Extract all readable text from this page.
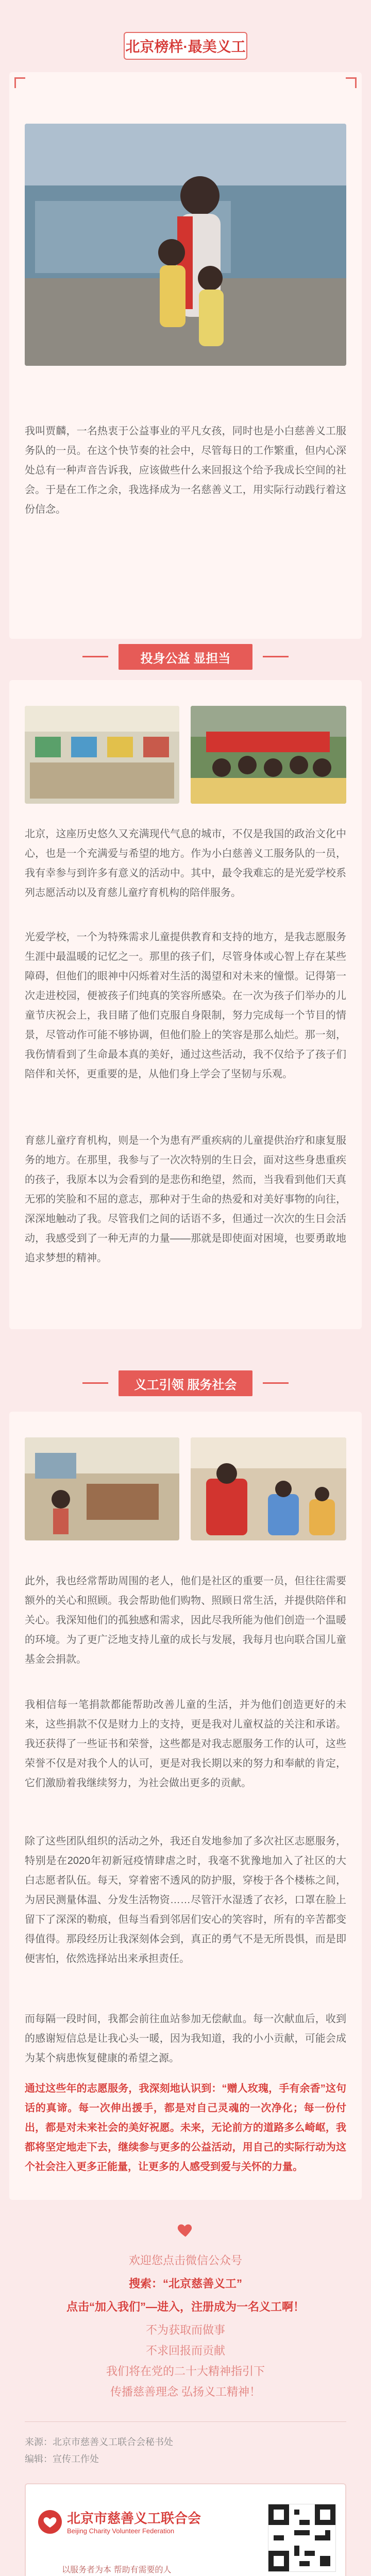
北京榜样·最美义工

我叫贾麟，一名热衷于公益事业的平凡女孩，同时也是小白慈善义工服务队的一员。在这个快节奏的社会中，尽管每日的工作繁重，但内心深处总有一种声音告诉我，应该做些什么来回报这个给予我成长空间的社会。于是在工作之余，我选择成为一名慈善义工，用实际行动践行着这份信念。

投身公益 显担当

北京，这座历史悠久又充满现代气息的城市，不仅是我国的政治文化中心，也是一个充满爱与希望的地方。作为小白慈善义工服务队的一员，我有幸参与到许多有意义的活动中。其中，最令我难忘的是光爱学校系列志愿活动以及育慈儿童疗育机构的陪伴服务。

光爱学校，一个为特殊需求儿童提供教育和支持的地方，是我志愿服务生涯中最温暖的记忆之一。那里的孩子们，尽管身体或心智上存在某些障碍，但他们的眼神中闪烁着对生活的渴望和对未来的憧憬。记得第一次走进校园，便被孩子们纯真的笑容所感染。在一次为孩子们举办的儿童节庆祝会上，我目睹了他们克服自身限制，努力完成每一个节目的情景，尽管动作可能不够协调，但他们脸上的笑容是那么灿烂。那一刻，我伤情看到了生命最本真的美好，通过这些活动，我不仅给予了孩子们陪伴和关怀，更重要的是，从他们身上学会了坚韧与乐观。

育慈儿童疗育机构，则是一个为患有严重疾病的儿童提供治疗和康复服务的地方。在那里，我参与了一次次特别的生日会，面对这些身患重疾的孩子，我原本以为会看到的是悲伤和绝望，然而，当我看到他们天真无邪的笑脸和不屈的意志，那种对于生命的热爱和对美好事物的向往，深深地触动了我。尽管我们之间的话语不多，但通过一次次的生日会活动，我感受到了一种无声的力量——那就是即使面对困境，也要勇敢地追求梦想的精神。

义工引领 服务社会

此外，我也经常帮助周围的老人，他们是社区的重要一员，但往往需要额外的关心和照顾。我会帮助他们购物、照顾日常生活，并提供陪伴和关心。我深知他们的孤独感和需求，因此尽我所能为他们创造一个温暖的环境。为了更广泛地支持儿童的成长与发展，我每月也向联合国儿童基金会捐款。

我相信每一笔捐款都能帮助改善儿童的生活，并为他们创造更好的未来，这些捐款不仅是财力上的支持，更是我对儿童权益的关注和承诺。我还获得了一些证书和荣誉，这些都是对我志愿服务工作的认可，这些荣誉不仅是对我个人的认可，更是对我长期以来的努力和奉献的肯定，它们激励着我继续努力，为社会做出更多的贡献。

除了这些团队组织的活动之外，我还自发地参加了多次社区志愿服务，特别是在2020年初新冠疫情肆虐之时，我毫不犹豫地加入了社区的大白志愿者队伍。每天，穿着密不透风的防护服，穿梭于各个楼栋之间，为居民测量体温、分发生活物资……尽管汗水湿透了衣衫，口罩在脸上留下了深深的勒痕，但每当看到邻居们安心的笑容时，所有的辛苦都变得值得。那段经历让我深刻体会到，真正的勇气不是无所畏惧，而是即便害怕，依然选择站出来承担责任。

而每隔一段时间，我都会前往血站参加无偿献血。每一次献血后，收到的感谢短信总是让我心头一暖，因为我知道，我的小小贡献，可能会成为某个病患恢复健康的希望之源。

通过这些年的志愿服务，我深刻地认识到：“赠人玫瑰，手有余香”这句话的真谛。每一次伸出援手，都是对自己灵魂的一次净化；每一份付出，都是对未来社会的美好祝愿。未来，无论前方的道路多么崎岖，我都将坚定地走下去，继续参与更多的公益活动，用自己的实际行动为这个社会注入更多正能量，让更多的人感受到爱与关怀的力量。

欢迎您点击微信公众号
搜索：“北京慈善义工”
点击“加入我们”—进入，注册成为一名义工啊！
不为获取而做事
不求回报而贡献
我们将在党的二十大精神指引下
传播慈善理念 弘扬义工精神！
来源：北京市慈善义工联合会秘书处
编辑：宣传工作处
北京市慈善义工联合会
Beijing Charity Volunteer Federation
以服务者为本 帮助有需要的人
